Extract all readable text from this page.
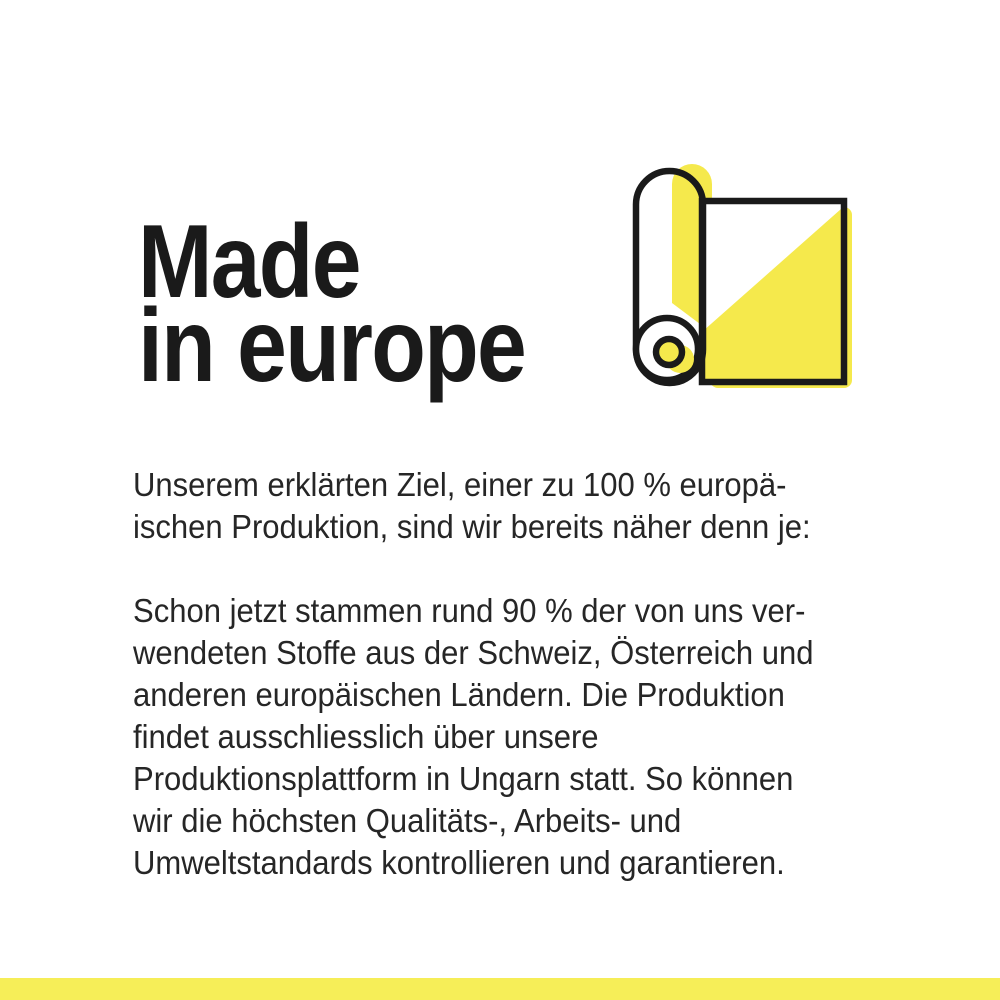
Made
in europe
Unserem erklärten Ziel, einer zu 100 % europä-
ischen Produktion, sind wir bereits näher denn je:
Schon jetzt stammen rund 90 % der von uns ver-
wendeten Stoffe aus der Schweiz, Österreich und
anderen europäischen Ländern. Die Produktion
findet ausschliesslich über unsere
Produktionsplattform in Ungarn statt. So können
wir die höchsten Qualitäts-, Arbeits- und
Umweltstandards kontrollieren und garantieren.
